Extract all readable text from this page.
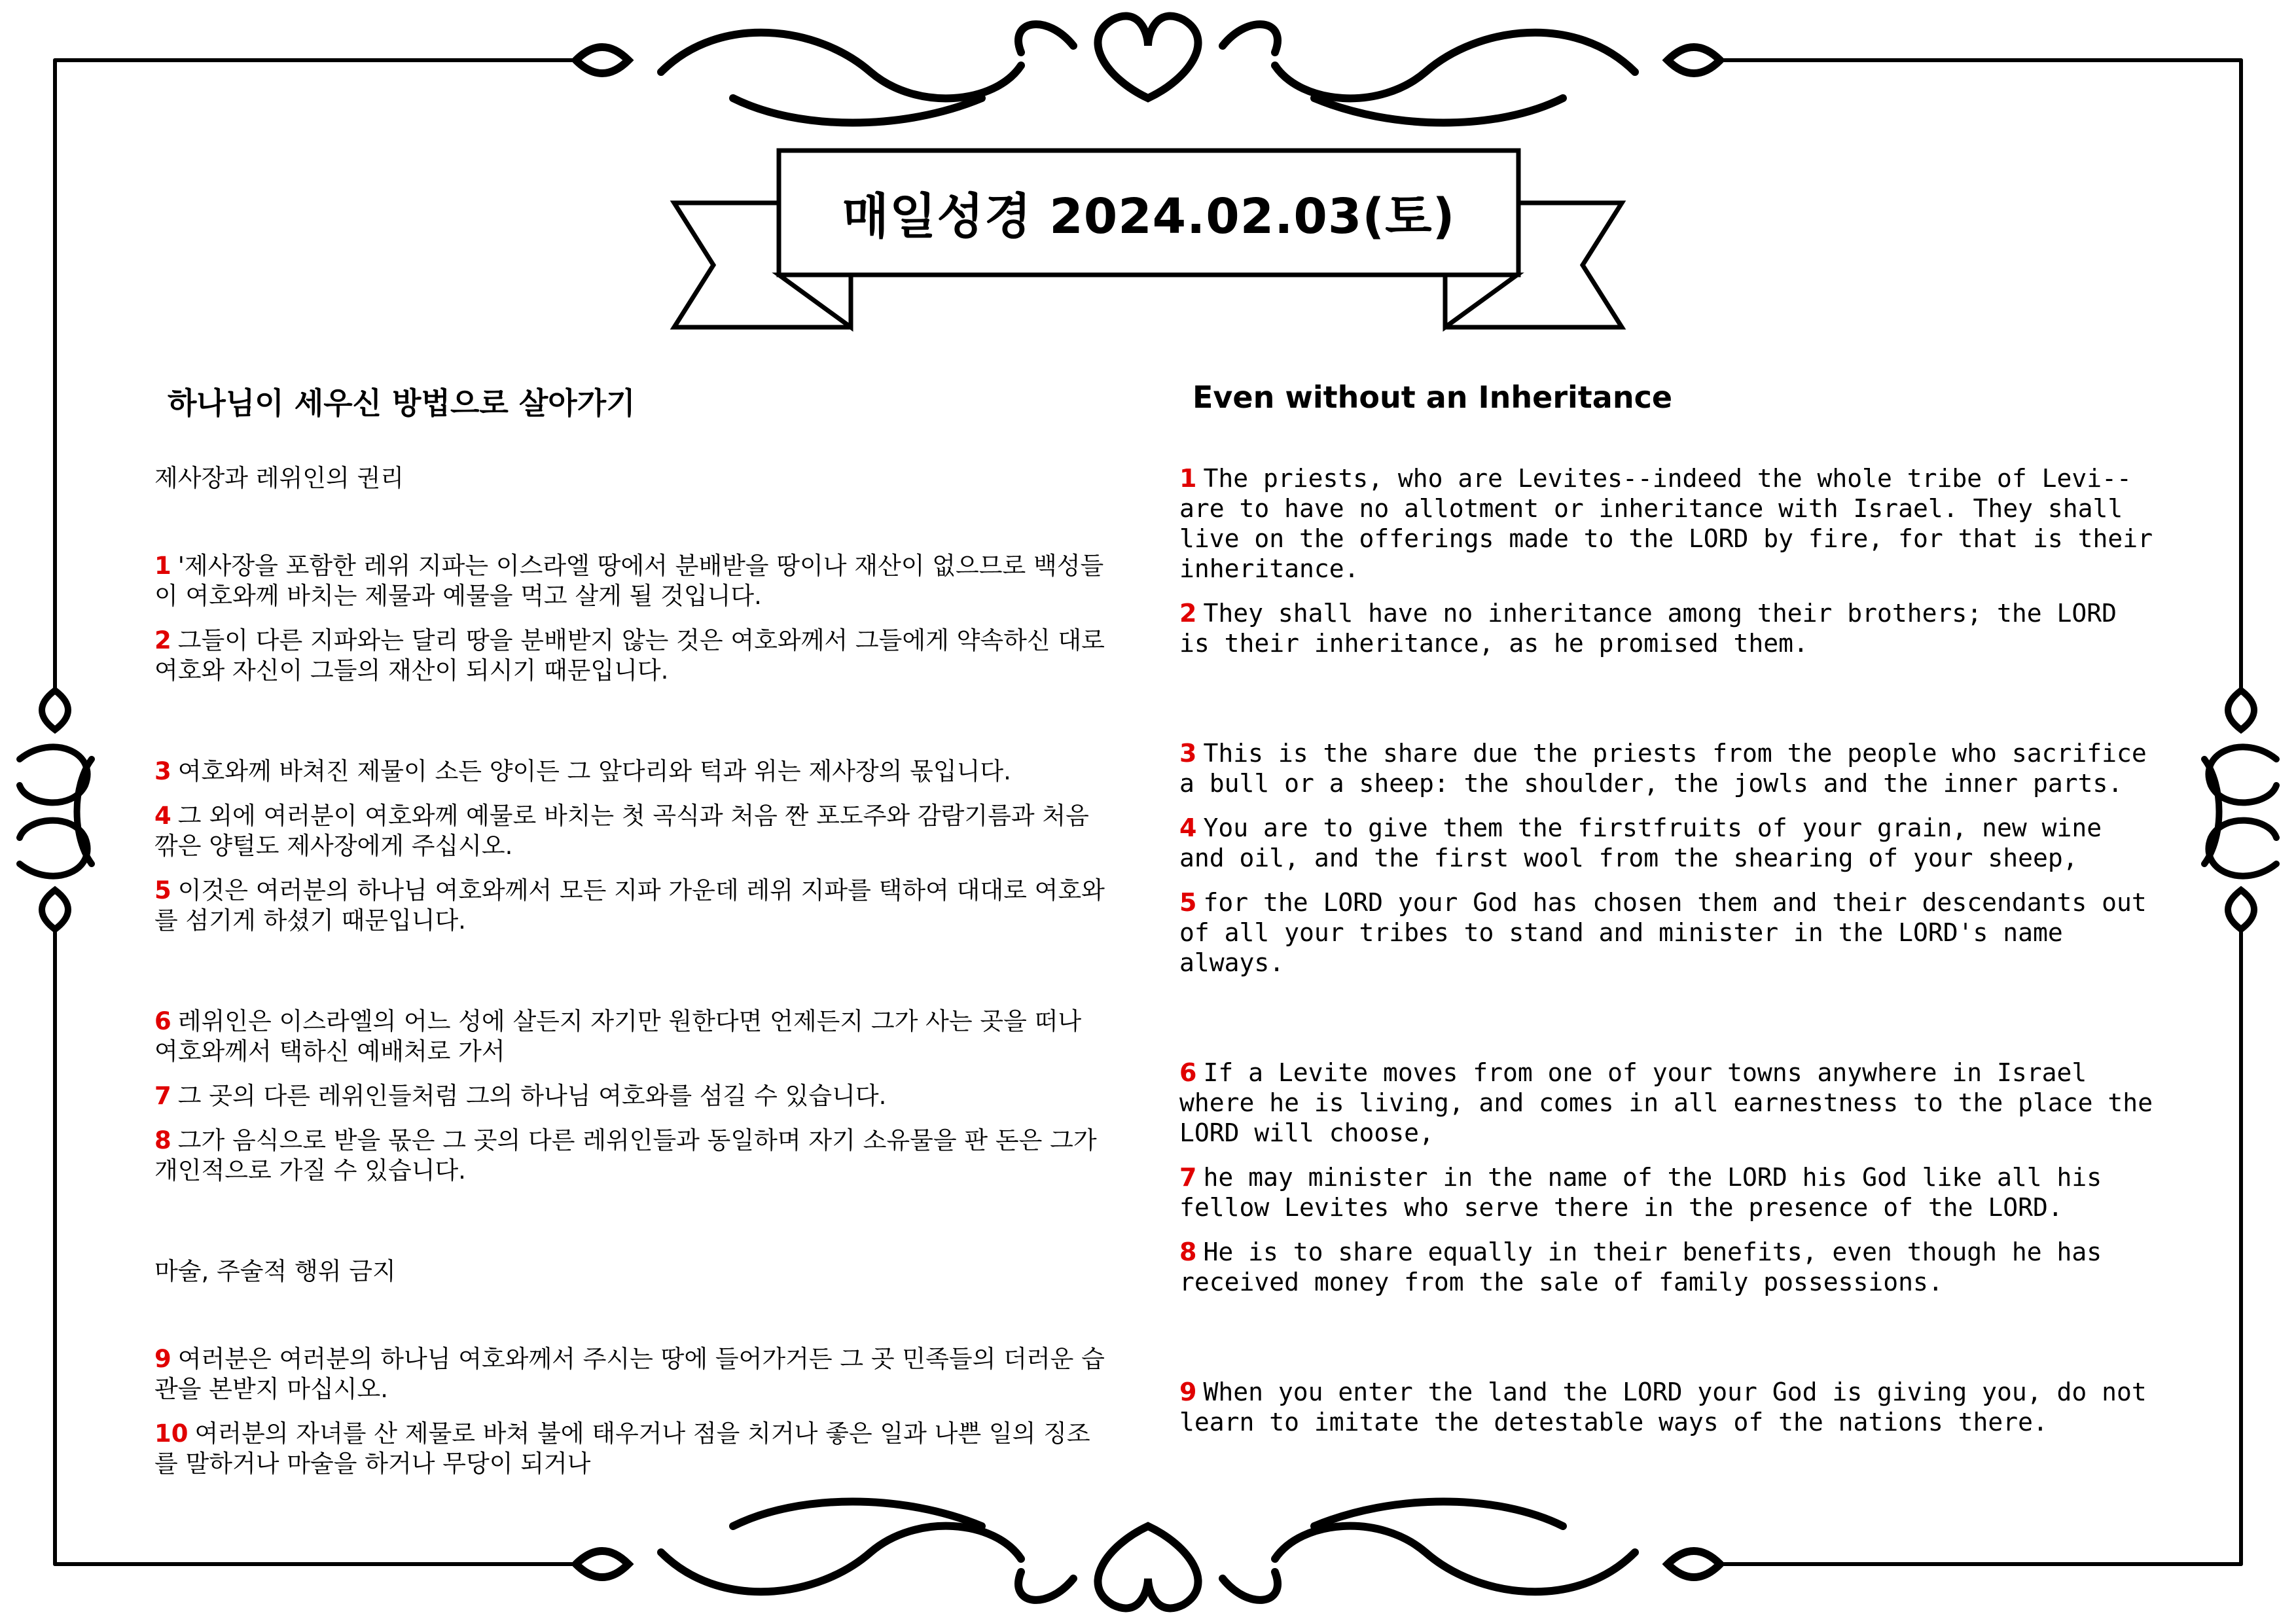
매일성경 2024.02.03(토)
하나님이 세우신 방법으로 살아가기	Even without an Inheritance
제사장과 레위인의 권리
1 '제사장을 포함한 레위 지파는 이스라엘 땅에서 분배받을 땅이나 재산이 없으므로 백성들이 여호와께 바치는 제물과 예물을 먹고 살게 될 것입니다.
2 그들이 다른 지파와는 달리 땅을 분배받지 않는 것은 여호와께서 그들에게 약속하신 대로 여호와 자신이 그들의 재산이 되시기 때문입니다.
3 여호와께 바쳐진 제물이 소든 양이든 그 앞다리와 턱과 위는 제사장의 몫입니다.
4 그 외에 여러분이 여호와께 예물로 바치는 첫 곡식과 처음 짠 포도주와 감람기름과 처음 깎은 양털도 제사장에게 주십시오.
5 이것은 여러분의 하나님 여호와께서 모든 지파 가운데 레위 지파를 택하여 대대로 여호와를 섬기게 하셨기 때문입니다.
6 레위인은 이스라엘의 어느 성에 살든지 자기만 원한다면 언제든지 그가 사는 곳을 떠나 여호와께서 택하신 예배처로 가서
7 그 곳의 다른 레위인들처럼 그의 하나님 여호와를 섬길 수 있습니다.
8 그가 음식으로 받을 몫은 그 곳의 다른 레위인들과 동일하며 자기 소유물을 판 돈은 그가 개인적으로 가질 수 있습니다.
마술, 주술적 행위 금지
9 여러분은 여러분의 하나님 여호와께서 주시는 땅에 들어가거든 그 곳 민족들의 더러운 습관을 본받지 마십시오.
10 여러분의 자녀를 산 제물로 바쳐 불에 태우거나 점을 치거나 좋은 일과 나쁜 일의 징조를 말하거나 마술을 하거나 무당이 되거나
1 The priests, who are Levites--indeed the whole tribe of Levi--are to have no allotment or inheritance with Israel. They shall live on the offerings made to the LORD by fire, for that is their inheritance.
2 They shall have no inheritance among their brothers; the LORD is their inheritance, as he promised them.
3 This is the share due the priests from the people who sacrifice a bull or a sheep: the shoulder, the jowls and the inner parts.
4 You are to give them the firstfruits of your grain, new wine and oil, and the first wool from the shearing of your sheep,
5 for the LORD your God has chosen them and their descendants out of all your tribes to stand and minister in the LORD's name always.
6 If a Levite moves from one of your towns anywhere in Israel where he is living, and comes in all earnestness to the place the LORD will choose,
7 he may minister in the name of the LORD his God like all his fellow Levites who serve there in the presence of the LORD.
8 He is to share equally in their benefits, even though he has received money from the sale of family possessions.
9 When you enter the land the LORD your God is giving you, do not learn to imitate the detestable ways of the nations there.
